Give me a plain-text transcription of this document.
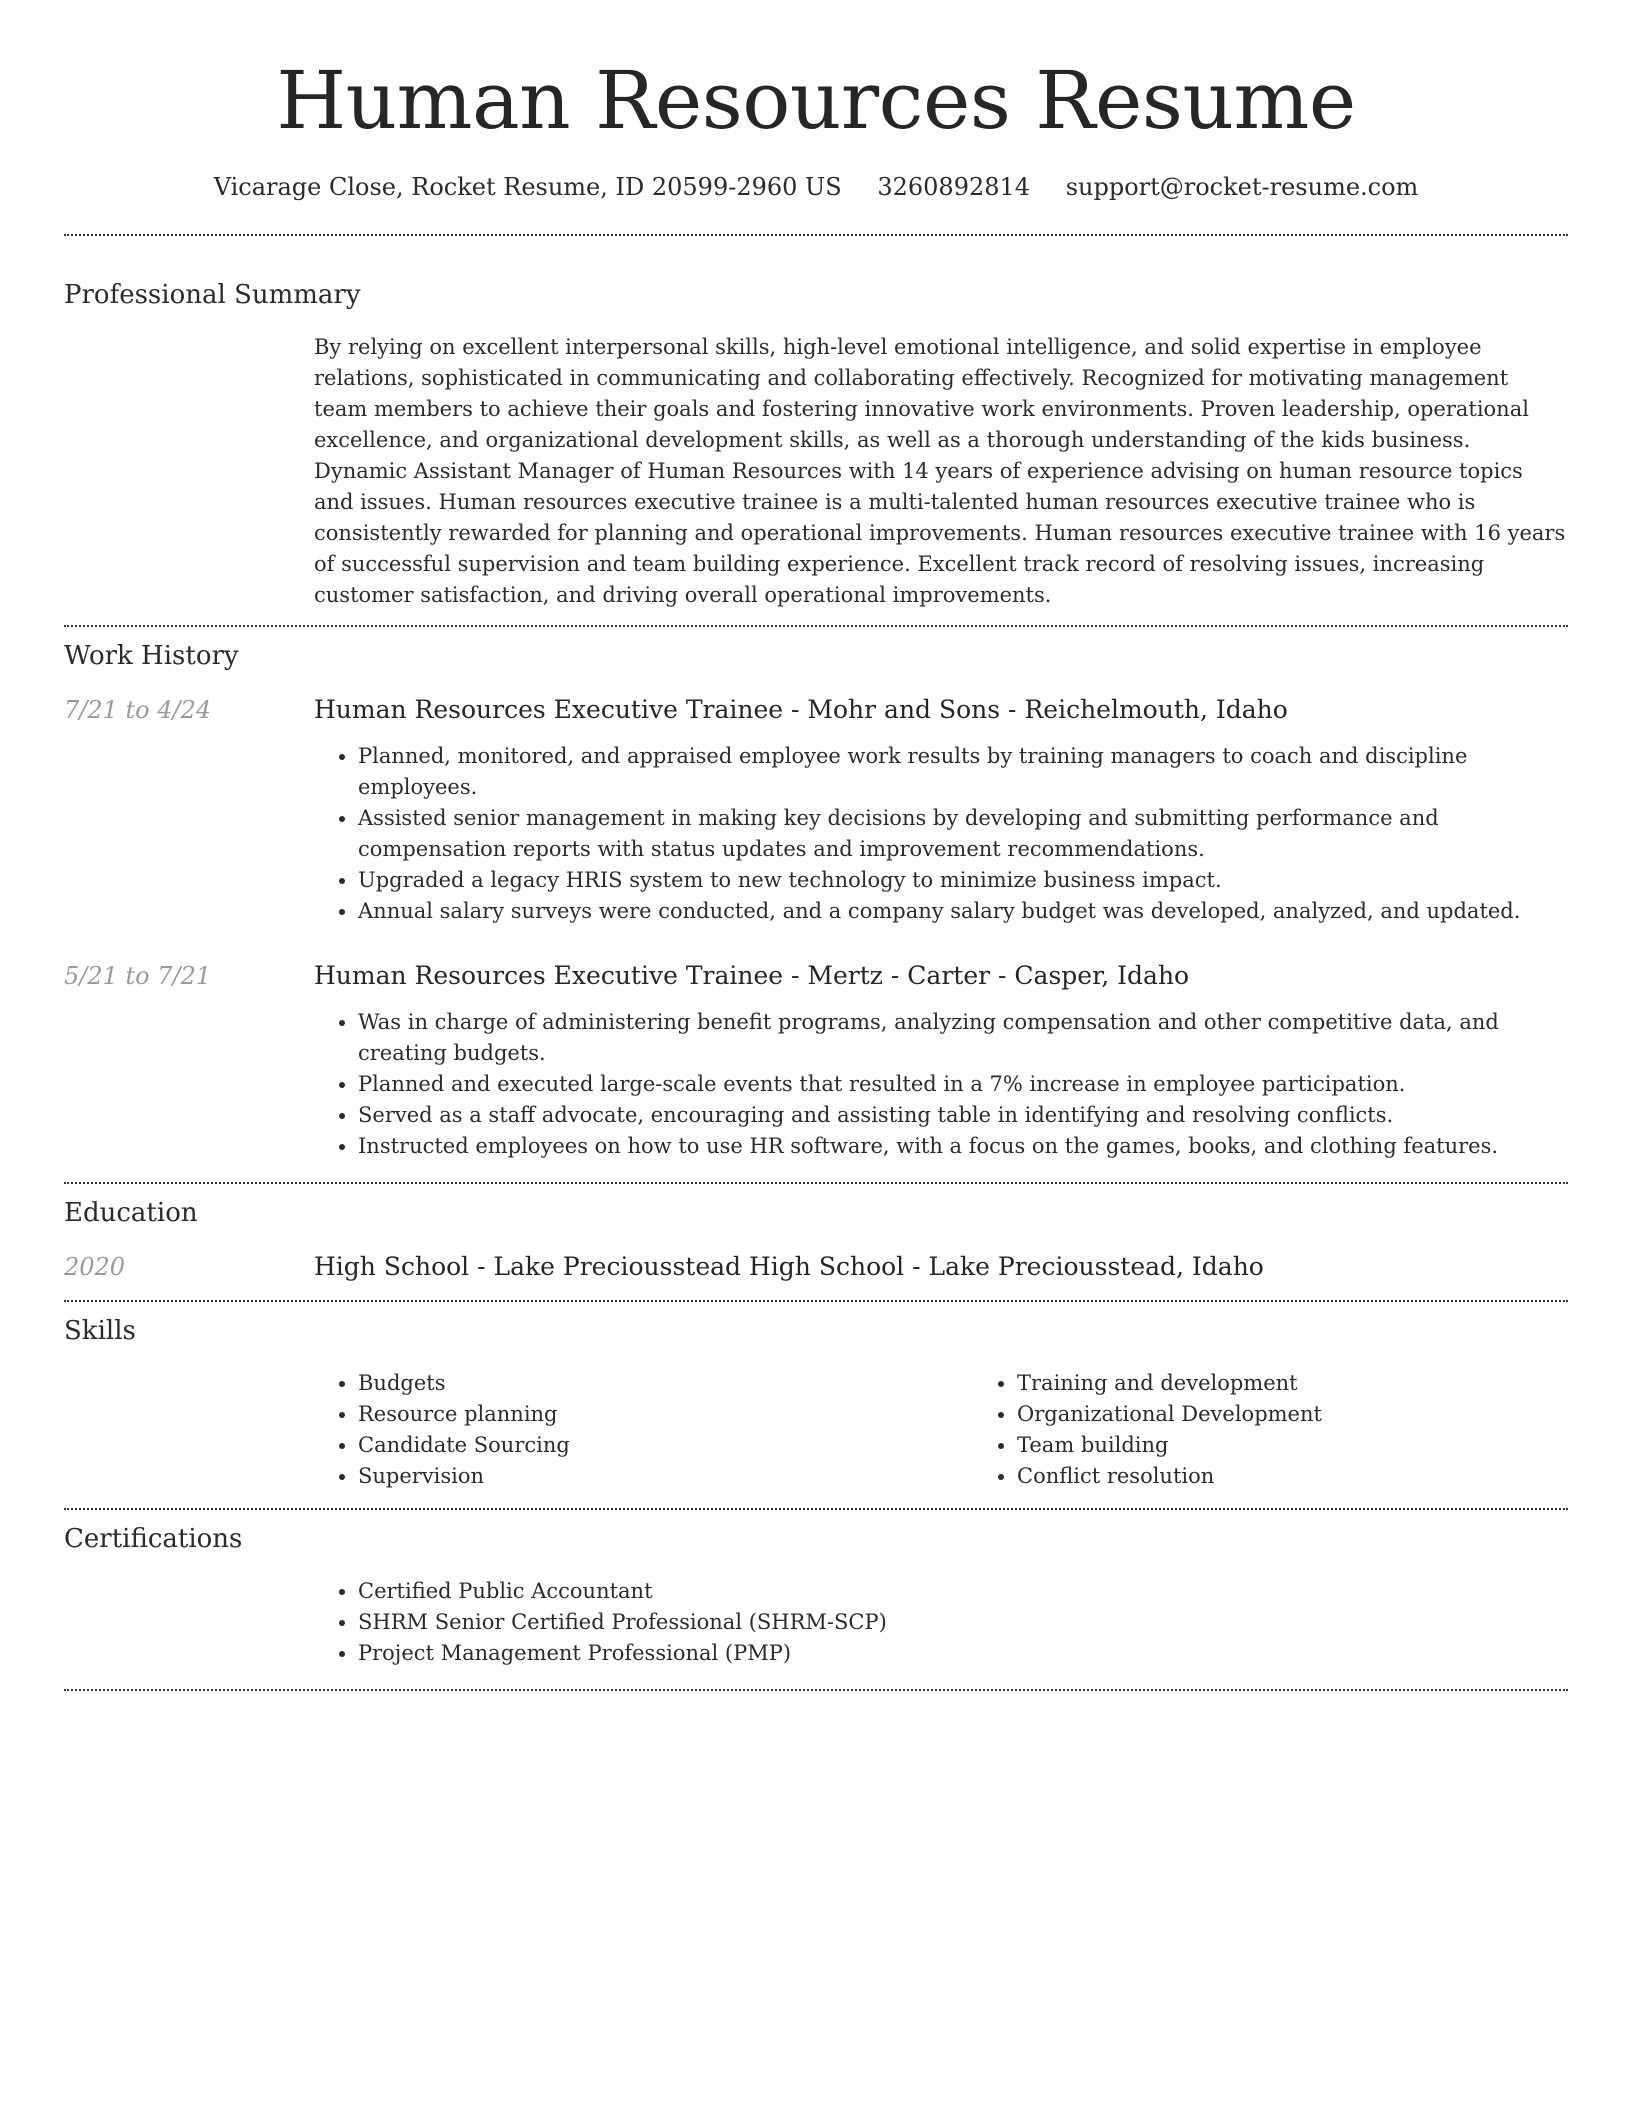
Human Resources Resume
Vicarage Close, Rocket Resume, ID 20599-2960 US 3260892814 support@rocket-resume.com
Professional Summary

By relying on excellent interpersonal skills, high-level emotional intelligence, and solid expertise in employee relations, sophisticated in communicating and collaborating effectively. Recognized for motivating management team members to achieve their goals and fostering innovative work environments. Proven leadership, operational excellence, and organizational development skills, as well as a thorough understanding of the kids business. Dynamic Assistant Manager of Human Resources with 14 years of experience advising on human resource topics and issues. Human resources executive trainee is a multi-talented human resources executive trainee who is consistently rewarded for planning and operational improvements. Human resources executive trainee with 16 years of successful supervision and team building experience. Excellent track record of resolving issues, increasing customer satisfaction, and driving overall operational improvements.

Work History
7/21 to 4/24	Human Resources Executive Trainee - Mohr and Sons - Reichelmouth, Idaho

• Planned, monitored, and appraised employee work results by training managers to coach and discipline employees.
• Assisted senior management in making key decisions by developing and submitting performance and compensation reports with status updates and improvement recommendations.
• Upgraded a legacy HRIS system to new technology to minimize business impact.
• Annual salary surveys were conducted, and a company salary budget was developed, analyzed, and updated.
5/21 to 7/21	Human Resources Executive Trainee - Mertz - Carter - Casper, Idaho

• Was in charge of administering benefit programs, analyzing compensation and other competitive data, and creating budgets.
• Planned and executed large-scale events that resulted in a 7% increase in employee participation.
• Served as a staff advocate, encouraging and assisting table in identifying and resolving conflicts.
• Instructed employees on how to use HR software, with a focus on the games, books, and clothing features.
Education
2020	High School - Lake Preciousstead High School - Lake Preciousstead, Idaho

Skills
• Budgets
• Resource planning
• Candidate Sourcing
• Supervision
• Training and development
• Organizational Development
• Team building
• Conflict resolution
Certifications
• Certified Public Accountant
• SHRM Senior Certified Professional (SHRM-SCP)
• Project Management Professional (PMP)
